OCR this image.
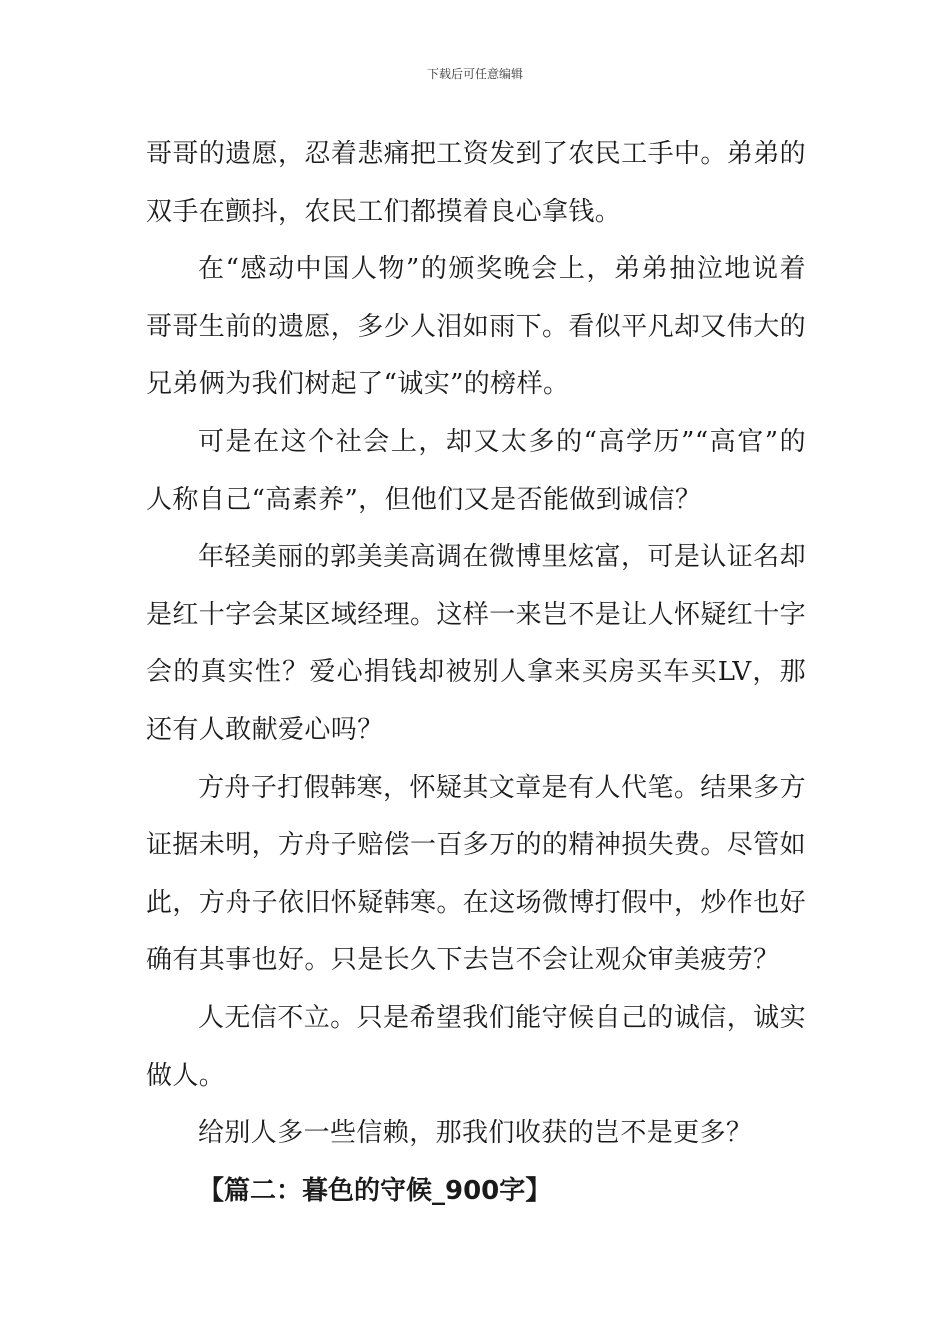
下载后可任意编辑

哥哥的遗愿，忍着悲痛把工资发到了农民工手中。弟弟的双手在颤抖，农民工们都摸着良心拿钱。

在“感动中国人物”的颁奖晚会上，弟弟抽泣地说着哥哥生前的遗愿，多少人泪如雨下。看似平凡却又伟大的兄弟俩为我们树起了“诚实”的榜样。

可是在这个社会上，却又太多的“高学历”“高官”的人称自己“高素养”，但他们又是否能做到诚信？

年轻美丽的郭美美高调在微博里炫富，可是认证名却是红十字会某区域经理。这样一来岂不是让人怀疑红十字会的真实性？爱心捐钱却被别人拿来买房买车买LV，那还有人敢献爱心吗？

方舟子打假韩寒，怀疑其文章是有人代笔。结果多方证据未明，方舟子赔偿一百多万的的精神损失费。尽管如此，方舟子依旧怀疑韩寒。在这场微博打假中，炒作也好确有其事也好。只是长久下去岂不会让观众审美疲劳？

人无信不立。只是希望我们能守候自己的诚信，诚实做人。

给别人多一些信赖，那我们收获的岂不是更多？

【篇二：暮色的守候_900字】
